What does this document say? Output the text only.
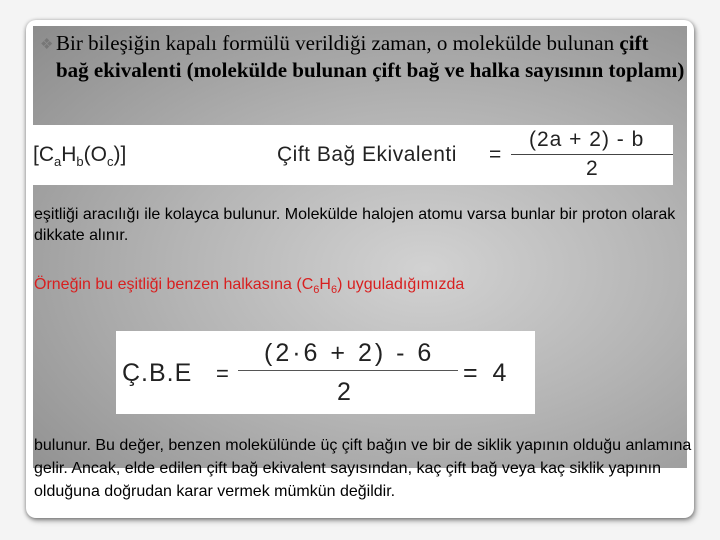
❖ Bir bileşiğin kapalı formülü verildiği zaman, o molekülde bulunan çift bağ ekivalenti (molekülde bulunan çift bağ ve halka sayısının toplamı)
$[C_aH_b(O_c)]$	Çift Bağ Ekivalenti =
(2a + 2) - b
2
eşitliği aracılığı ile kolayca bulunur. Molekülde halojen atomu varsa bunlar bir proton olarak dikkate alınır.
Örneğin bu eşitliği benzen halkasına $(C_6H_6)$ uyguladığımızda
Ç.B.E =
(2·6 + 2) - 6
2
= 4
bulunur. Bu değer, benzen molekülünde üç çift bağın ve bir de siklik yapının olduğu anlamına gelir. Ancak, elde edilen çift bağ ekivalent sayısından, kaç çift bağ veya kaç siklik yapının olduğuna doğrudan karar vermek mümkün değildir.
